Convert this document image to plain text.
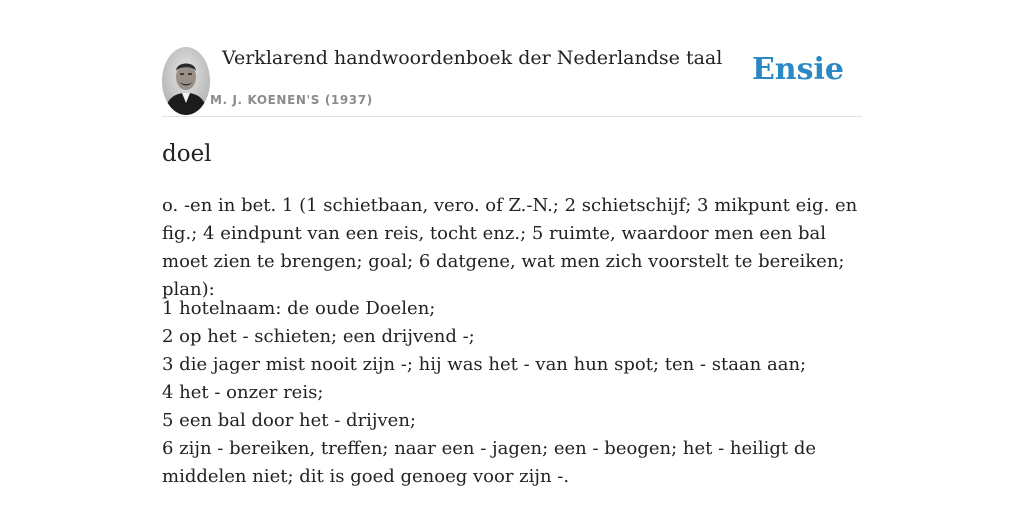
Verklarend handwoordenboek der Nederlandse taal
M. J. KOENEN'S (1937)
Ensie
doel

o. -en in bet. 1 (1 schietbaan, vero. of Z.-N.; 2 schietschijf; 3 mikpunt eig. en fig.; 4 eindpunt van een reis, tocht enz.; 5 ruimte, waardoor men een bal moet zien te brengen; goal; 6 datgene, wat men zich voorstelt te bereiken; plan):

1 hotelnaam: de oude Doelen;
2 op het - schieten; een drijvend -;
3 die jager mist nooit zijn -; hij was het - van hun spot; ten - staan aan;
4 het - onzer reis;
5 een bal door het - drijven;
6 zijn - bereiken, treffen; naar een - jagen; een - beogen; het - heiligt de middelen niet; dit is goed genoeg voor zijn -.
